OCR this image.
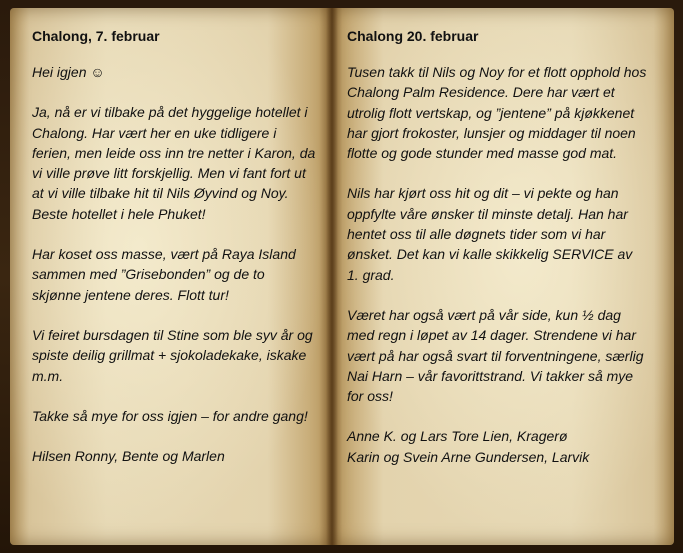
Chalong, 7. februar

Hei igjen ☺

Ja, nå er vi tilbake på det hyggelige hotellet i Chalong. Har vært her en uke tidligere i ferien, men leide oss inn tre netter i Karon, da vi ville prøve litt forskjellig. Men vi fant fort ut at vi ville tilbake hit til Nils Øyvind og Noy. Beste hotellet i hele Phuket!

Har koset oss masse, vært på Raya Island sammen med ”Grisebonden” og de to skjønne jentene deres. Flott tur!

Vi feiret bursdagen til Stine som ble syv år og spiste deilig grillmat + sjokoladekake, iskake m.m.

Takke så mye for oss igjen – for andre gang!

Hilsen Ronny, Bente og Marlen

Chalong 20. februar

Tusen takk til Nils og Noy for et flott opphold hos Chalong Palm Residence. Dere har vært et utrolig flott vertskap, og ”jentene” på kjøkkenet har gjort frokoster, lunsjer og middager til noen flotte og gode stunder med masse god mat.

Nils har kjørt oss hit og dit – vi pekte og han oppfylte våre ønsker til minste detalj. Han har hentet oss til alle døgnets tider som vi har ønsket. Det kan vi kalle skikkelig SERVICE av 1. grad.

Været har også vært på vår side, kun ½ dag med regn i løpet av 14 dager. Strendene vi har vært på har også svart til forventningene, særlig Nai Harn – vår favorittstrand. Vi takker så mye for oss!

Anne K. og Lars Tore Lien, Kragerø

Karin og Svein Arne Gundersen, Larvik
